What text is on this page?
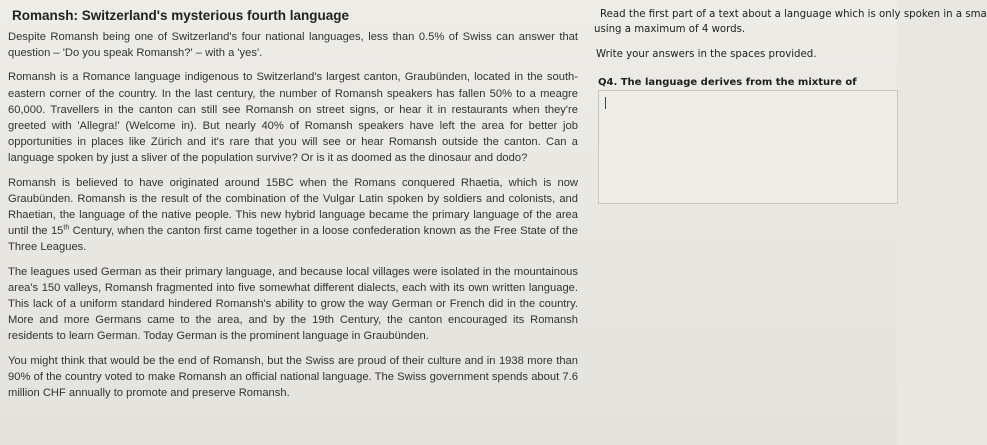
Romansh: Switzerland's mysterious fourth language

Despite Romansh being one of Switzerland's four national languages, less than 0.5% of Swiss can answer that question – 'Do you speak Romansh?' – with a 'yes'.

Romansh is a Romance language indigenous to Switzerland's largest canton, Graubünden, located in the south-eastern corner of the country. In the last century, the number of Romansh speakers has fallen 50% to a meagre 60,000. Travellers in the canton can still see Romansh on street signs, or hear it in restaurants when they're greeted with 'Allegra!' (Welcome in). But nearly 40% of Romansh speakers have left the area for better job opportunities in places like Zürich and it's rare that you will see or hear Romansh outside the canton. Can a language spoken by just a sliver of the population survive? Or is it as doomed as the dinosaur and dodo?

Romansh is believed to have originated around 15BC when the Romans conquered Rhaetia, which is now Graubünden. Romansh is the result of the combination of the Vulgar Latin spoken by soldiers and colonists, and Rhaetian, the language of the native people. This new hybrid language became the primary language of the area until the 15th Century, when the canton first came together in a loose confederation known as the Free State of the Three Leagues.

The leagues used German as their primary language, and because local villages were isolated in the mountainous area's 150 valleys, Romansh fragmented into five somewhat different dialects, each with its own written language. This lack of a uniform standard hindered Romansh's ability to grow the way German or French did in the country. More and more Germans came to the area, and by the 19th Century, the canton encouraged its Romansh residents to learn German. Today German is the prominent language in Graubünden.

You might think that would be the end of Romansh, but the Swiss are proud of their culture and in 1938 more than 90% of the country voted to make Romansh an official national language. The Swiss government spends about 7.6 million CHF annually to promote and preserve Romansh.

Read the first part of a text about a language which is only spoken in a sma
using a maximum of 4 words.
Write your answers in the spaces provided.
Q4. The language derives from the mixture of
